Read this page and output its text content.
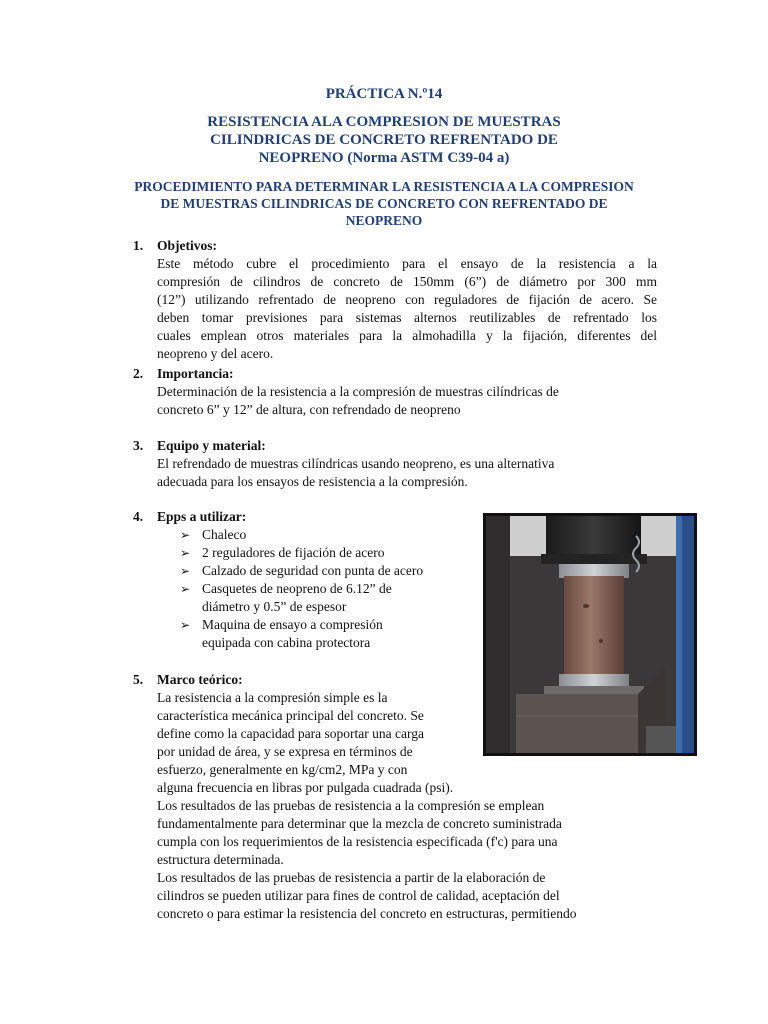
PRÁCTICA N.º14
RESISTENCIA ALA COMPRESION DE MUESTRAS
CILINDRICAS DE CONCRETO REFRENTADO DE
NEOPRENO (Norma ASTM C39-04 a)
PROCEDIMIENTO PARA DETERMINAR LA RESISTENCIA A LA COMPRESION
DE MUESTRAS CILINDRICAS DE CONCRETO CON REFRENTADO DE
NEOPRENO
1. Objetivos:
Este método cubre el procedimiento para el ensayo de la resistencia a la
compresión de cilindros de concreto de 150mm (6”) de diámetro por 300 mm
(12”) utilizando refrentado de neopreno con reguladores de fijación de acero. Se
deben tomar previsiones para sistemas alternos reutilizables de refrentado los
cuales emplean otros materiales para la almohadilla y la fijación, diferentes del
neopreno y del acero.
2. Importancia:
Determinación de la resistencia a la compresión de muestras cilíndricas de
concreto 6” y 12” de altura, con refrendado de neopreno
3. Equipo y material:
El refrendado de muestras cilíndricas usando neopreno, es una alternativa
adecuada para los ensayos de resistencia a la compresión.
4. Epps a utilizar:
➢ Chaleco
➢ 2 reguladores de fijación de acero
➢ Calzado de seguridad con punta de acero
➢ Casquetes de neopreno de 6.12” de
diámetro y 0.5” de espesor
➢ Maquina de ensayo a compresión
equipada con cabina protectora
5. Marco teórico:
La resistencia a la compresión simple es la
característica mecánica principal del concreto. Se
define como la capacidad para soportar una carga
por unidad de área, y se expresa en términos de
esfuerzo, generalmente en kg/cm2, MPa y con
alguna frecuencia en libras por pulgada cuadrada (psi).
Los resultados de las pruebas de resistencia a la compresión se emplean
fundamentalmente para determinar que la mezcla de concreto suministrada
cumpla con los requerimientos de la resistencia especificada (f'c) para una
estructura determinada.
Los resultados de las pruebas de resistencia a partir de la elaboración de
cilindros se pueden utilizar para fines de control de calidad, aceptación del
concreto o para estimar la resistencia del concreto en estructuras, permitiendo
